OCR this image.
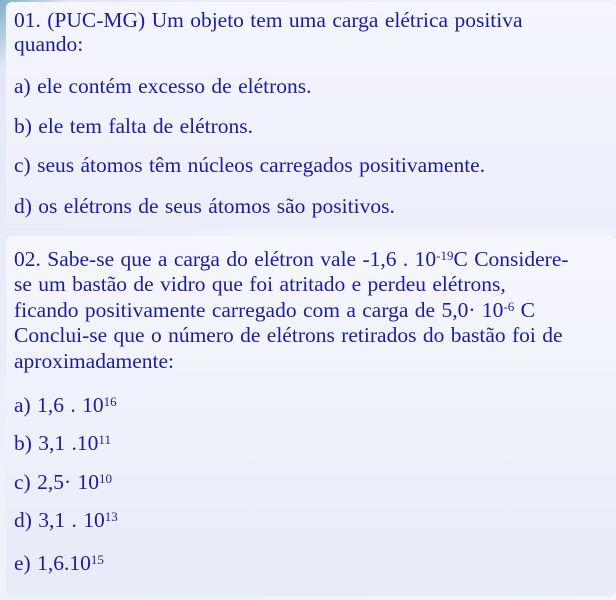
01. (PUC-MG) Um objeto tem uma carga elétrica positiva
quando:
a) ele contém excesso de elétrons.
b) ele tem falta de elétrons.
c) seus átomos têm núcleos carregados positivamente.
d) os elétrons de seus átomos são positivos.
02. Sabe-se que a carga do elétron vale -1,6 . $10^{-19}C$ Considere-
se um bastão de vidro que foi atritado e perdeu elétrons,
ficando positivamente carregado com a carga de $5,0\cdot 10^{-6}$ C
Conclui-se que o número de elétrons retirados do bastão foi de
aproximadamente:
a) 1,6 . $10^{16}$
b) 3,1 $.10^{11}$
c) $2,5\cdot 10^{10}$
d) 3,1 . $10^{13}$
e) 1,6.10$^{15}$
